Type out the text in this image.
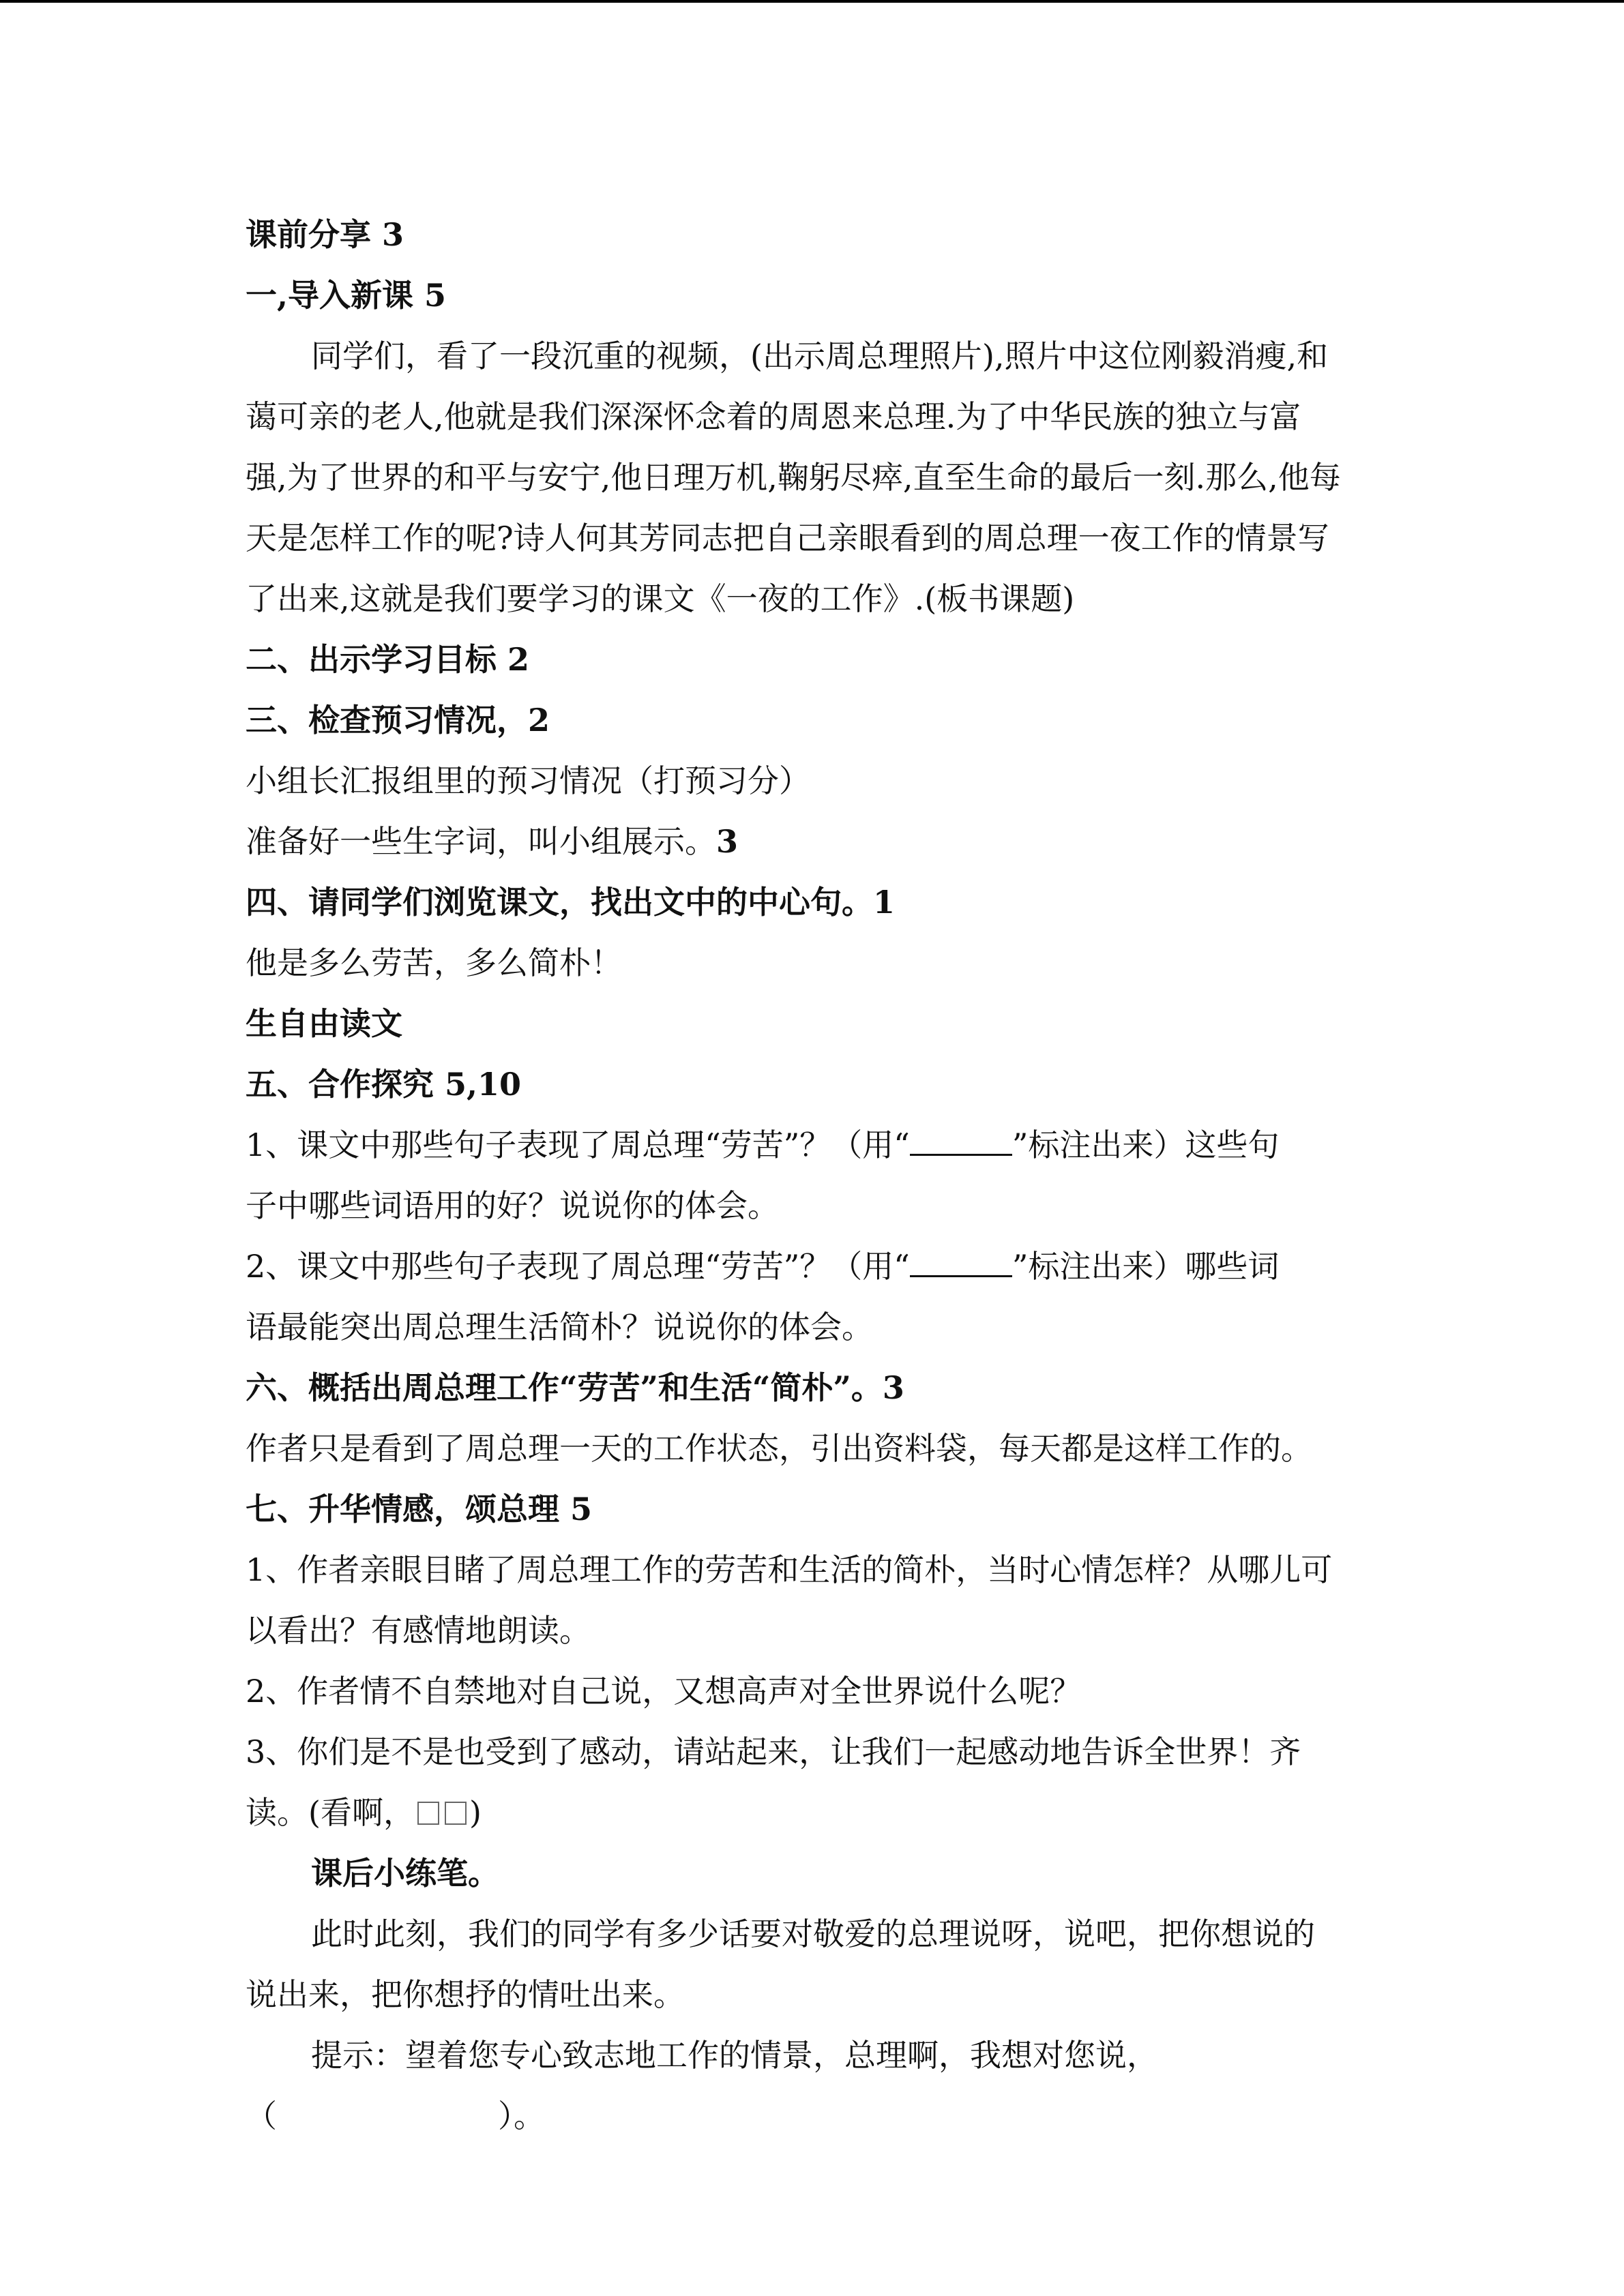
课前分享 3

一,导入新课 5

同学们，看了一段沉重的视频，(出示周总理照片),照片中这位刚毅消瘦,和

蔼可亲的老人,他就是我们深深怀念着的周恩来总理.为了中华民族的独立与富

强,为了世界的和平与安宁,他日理万机,鞠躬尽瘁,直至生命的最后一刻.那么,他每

天是怎样工作的呢?诗人何其芳同志把自己亲眼看到的周总理一夜工作的情景写

了出来,这就是我们要学习的课文《一夜的工作》.(板书课题)

二、出示学习目标 2

三、检查预习情况，2

小组长汇报组里的预习情况（打预习分）

准备好一些生字词，叫小组展示。3

四、请同学们浏览课文，找出文中的中心句。1

他是多么劳苦，多么简朴！

生自由读文

五、合作探究 5,10

1、课文中那些句子表现了周总理“劳苦”？（用“	”标注出来）这些句

子中哪些词语用的好？说说你的体会。

2、课文中那些句子表现了周总理“劳苦”？（用“	”标注出来）哪些词

语最能突出周总理生活简朴？说说你的体会。

六、概括出周总理工作“劳苦”和生活“简朴”。3

作者只是看到了周总理一天的工作状态，引出资料袋，每天都是这样工作的。

七、升华情感，颂总理 5

1、作者亲眼目睹了周总理工作的劳苦和生活的简朴，当时心情怎样？从哪儿可

以看出？有感情地朗读。

2、作者情不自禁地对自己说，又想高声对全世界说什么呢？

3、你们是不是也受到了感动，请站起来，让我们一起感动地告诉全世界！齐

读。(看啊， )

课后小练笔。

此时此刻，我们的同学有多少话要对敬爱的总理说呀，说吧，把你想说的

说出来，把你想抒的情吐出来。

提示：望着您专心致志地工作的情景，总理啊，我想对您说，

（	）。
